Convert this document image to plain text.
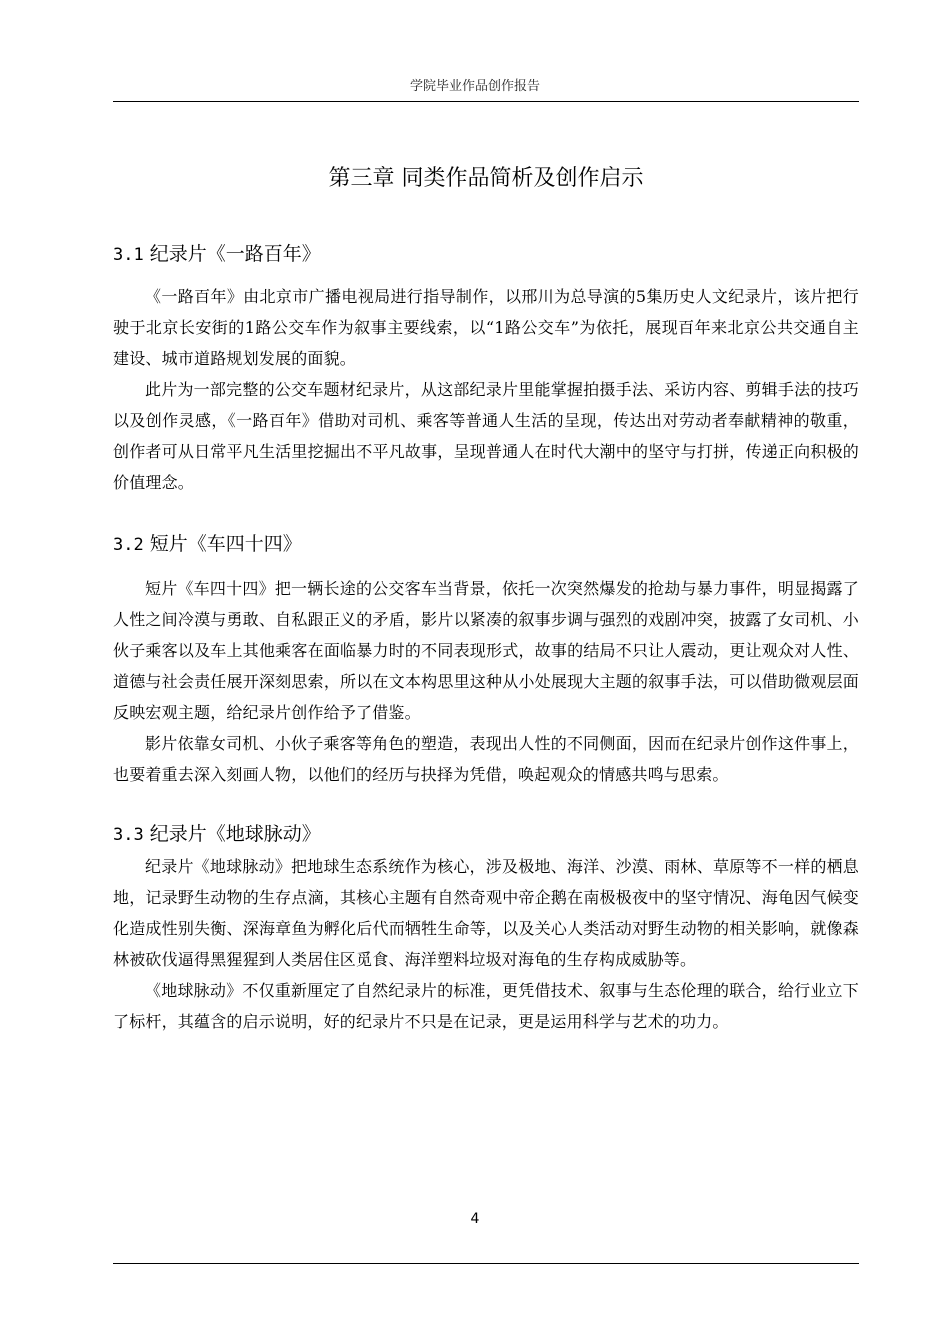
学院毕业作品创作报告
第三章 同类作品简析及创作启示
3.1 纪录片《一路百年》

《一路百年》由北京市广播电视局进行指导制作，以邢川为总导演的5集历史人文纪录片，该片把行驶于北京长安街的1路公交车作为叙事主要线索，以“1路公交车”为依托，展现百年来北京公共交通自主建设、城市道路规划发展的面貌。

此片为一部完整的公交车题材纪录片，从这部纪录片里能掌握拍摄手法、采访内容、剪辑手法的技巧以及创作灵感，《一路百年》借助对司机、乘客等普通人生活的呈现，传达出对劳动者奉献精神的敬重，创作者可从日常平凡生活里挖掘出不平凡故事，呈现普通人在时代大潮中的坚守与打拼，传递正向积极的价值理念。

3.2 短片《车四十四》

短片《车四十四》把一辆长途的公交客车当背景，依托一次突然爆发的抢劫与暴力事件，明显揭露了人性之间冷漠与勇敢、自私跟正义的矛盾，影片以紧凑的叙事步调与强烈的戏剧冲突，披露了女司机、小伙子乘客以及车上其他乘客在面临暴力时的不同表现形式，故事的结局不只让人震动，更让观众对人性、道德与社会责任展开深刻思索，所以在文本构思里这种从小处展现大主题的叙事手法，可以借助微观层面反映宏观主题，给纪录片创作给予了借鉴。

影片依靠女司机、小伙子乘客等角色的塑造，表现出人性的不同侧面，因而在纪录片创作这件事上，也要着重去深入刻画人物，以他们的经历与抉择为凭借，唤起观众的情感共鸣与思索。

3.3 纪录片《地球脉动》

纪录片《地球脉动》把地球生态系统作为核心，涉及极地、海洋、沙漠、雨林、草原等不一样的栖息地，记录野生动物的生存点滴，其核心主题有自然奇观中帝企鹅在南极极夜中的坚守情况、海龟因气候变化造成性别失衡、深海章鱼为孵化后代而牺牲生命等，以及关心人类活动对野生动物的相关影响，就像森林被砍伐逼得黑猩猩到人类居住区觅食、海洋塑料垃圾对海龟的生存构成威胁等。

《地球脉动》不仅重新厘定了自然纪录片的标准，更凭借技术、叙事与生态伦理的联合，给行业立下了标杆，其蕴含的启示说明，好的纪录片不只是在记录，更是运用科学与艺术的功力。

4
